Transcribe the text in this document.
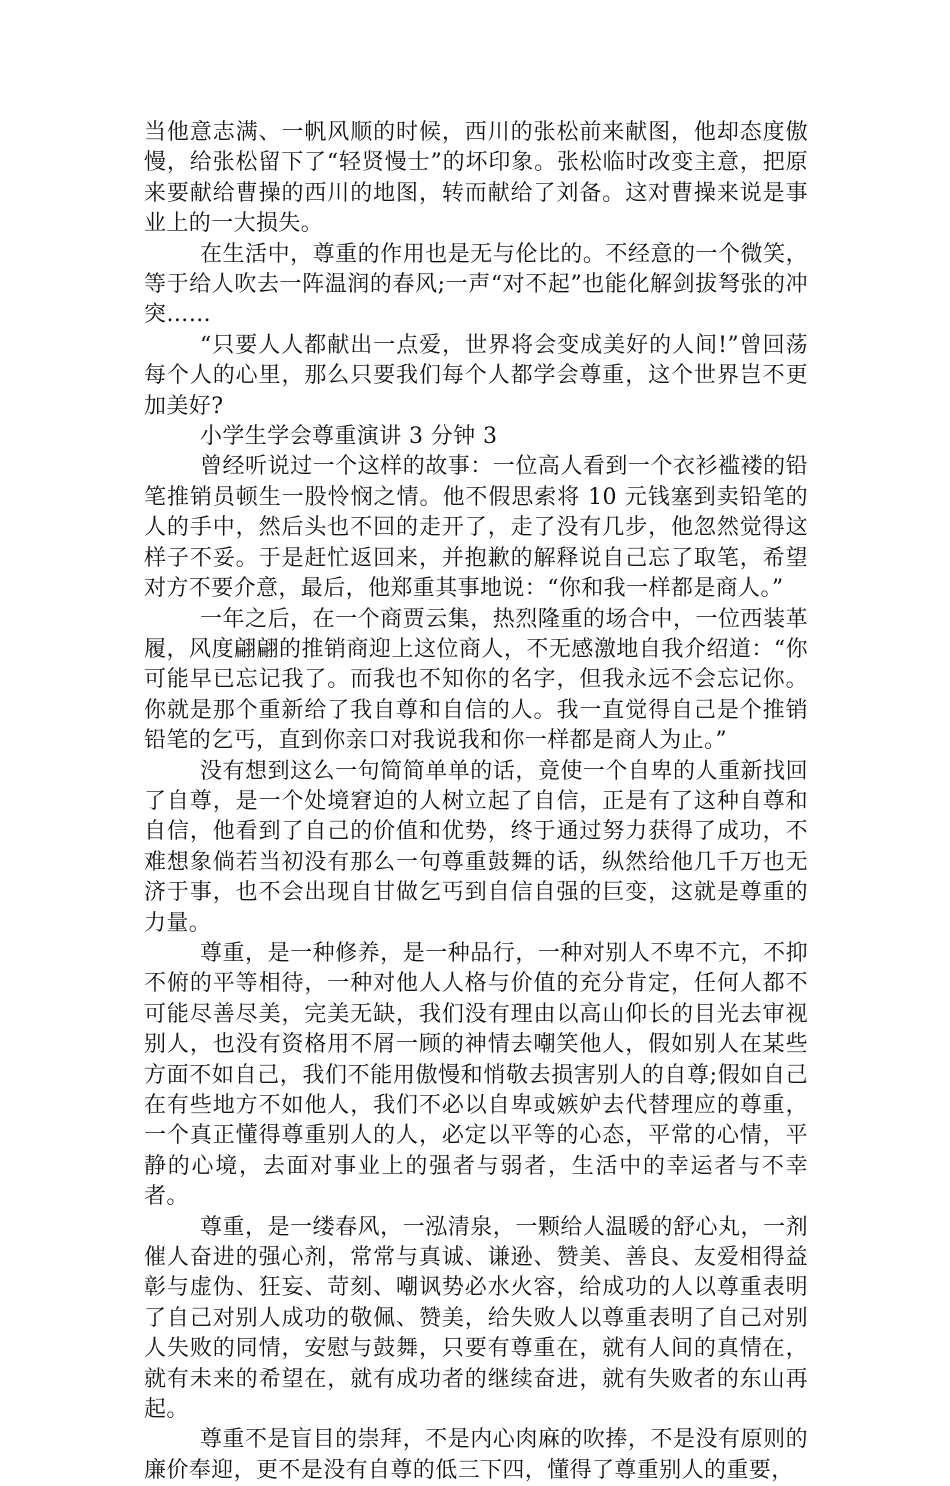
当他意志满、一帆风顺的时候，西川的张松前来献图，他却态度傲慢，给张松留下了“轻贤慢士”的坏印象。张松临时改变主意，把原来要献给曹操的西川的地图，转而献给了刘备。这对曹操来说是事业上的一大损失。

在生活中，尊重的作用也是无与伦比的。不经意的一个微笑，等于给人吹去一阵温润的春风;一声“对不起”也能化解剑拔弩张的冲突……

“只要人人都献出一点爱，世界将会变成美好的人间!”曾回荡每个人的心里，那么只要我们每个人都学会尊重，这个世界岂不更加美好?

小学生学会尊重演讲 3 分钟 3

曾经听说过一个这样的故事：一位高人看到一个衣衫褴褛的铅笔推销员顿生一股怜悯之情。他不假思索将 10 元钱塞到卖铅笔的人的手中，然后头也不回的走开了，走了没有几步，他忽然觉得这样子不妥。于是赶忙返回来，并抱歉的解释说自己忘了取笔，希望对方不要介意，最后，他郑重其事地说：“你和我一样都是商人。”

一年之后，在一个商贾云集，热烈隆重的场合中，一位西装革履，风度翩翩的推销商迎上这位商人，不无感激地自我介绍道：“你可能早已忘记我了。而我也不知你的名字，但我永远不会忘记你。你就是那个重新给了我自尊和自信的人。我一直觉得自己是个推销铅笔的乞丐，直到你亲口对我说我和你一样都是商人为止。”

没有想到这么一句简简单单的话，竟使一个自卑的人重新找回了自尊，是一个处境窘迫的人树立起了自信，正是有了这种自尊和自信，他看到了自己的价值和优势，终于通过努力获得了成功，不难想象倘若当初没有那么一句尊重鼓舞的话，纵然给他几千万也无济于事，也不会出现自甘做乞丐到自信自强的巨变，这就是尊重的力量。

尊重，是一种修养，是一种品行，一种对别人不卑不亢，不抑不俯的平等相待，一种对他人人格与价值的充分肯定，任何人都不可能尽善尽美，完美无缺，我们没有理由以高山仰长的目光去审视别人，也没有资格用不屑一顾的神情去嘲笑他人，假如别人在某些方面不如自己，我们不能用傲慢和悄敬去损害别人的自尊;假如自己在有些地方不如他人，我们不必以自卑或嫉妒去代替理应的尊重，一个真正懂得尊重别人的人，必定以平等的心态，平常的心情，平静的心境，去面对事业上的强者与弱者，生活中的幸运者与不幸者。

尊重，是一缕春风，一泓清泉，一颗给人温暖的舒心丸，一剂催人奋进的强心剂，常常与真诚、谦逊、赞美、善良、友爱相得益彰与虚伪、狂妄、苛刻、嘲讽势必水火容，给成功的人以尊重表明了自己对别人成功的敬佩、赞美，给失败人以尊重表明了自己对别人失败的同情，安慰与鼓舞，只要有尊重在，就有人间的真情在，就有未来的希望在，就有成功者的继续奋进，就有失败者的东山再起。

尊重不是盲目的崇拜，不是内心肉麻的吹捧，不是没有原则的廉价奉迎，更不是没有自尊的低三下四，懂得了尊重别人的重要，
